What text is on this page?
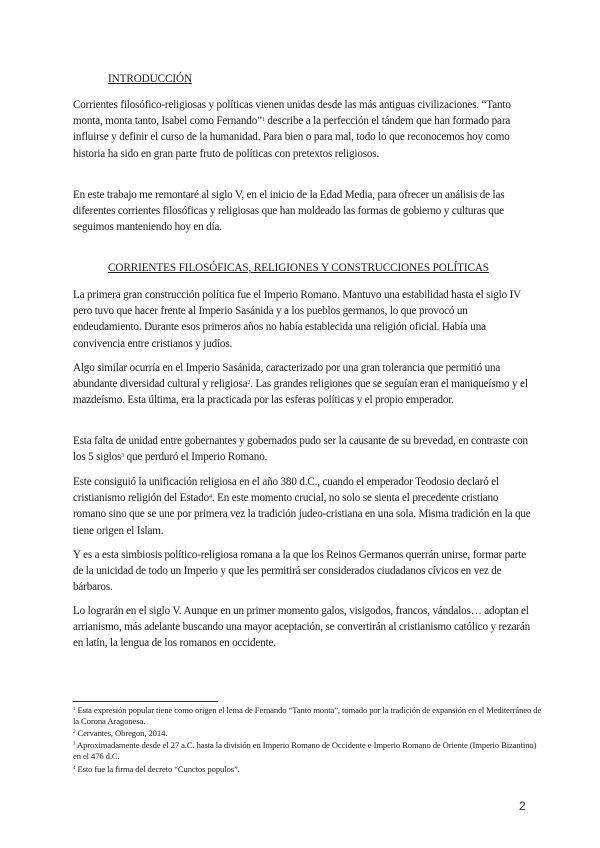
INTRODUCCIÓN

Corrientes filosófico-religiosas y políticas vienen unidas desde las más antiguas civilizaciones. “Tanto monta, monta tanto, Isabel como Fernando”$^1$ describe a la perfección el tándem que han formado para influirse y definir el curso de la humanidad. Para bien o para mal, todo lo que reconocemos hoy como historia ha sido en gran parte fruto de políticas con pretextos religiosos.

En este trabajo me remontaré al siglo V, en el inicio de la Edad Media, para ofrecer un análisis de las diferentes corrientes filosóficas y religiosas que han moldeado las formas de gobierno y culturas que seguimos manteniendo hoy en día.

CORRIENTES FILOSÓFICAS, RELIGIONES Y CONSTRUCCIONES POLÍTICAS

La primera gran construcción política fue el Imperio Romano. Mantuvo una estabilidad hasta el siglo IV pero tuvo que hacer frente al Imperio Sasánida y a los pueblos germanos, lo que provocó un endeudamiento. Durante esos primeros años no había establecida una religión oficial. Había una convivencia entre cristianos y judíos.

Algo similar ocurría en el Imperio Sasánida, caracterizado por una gran tolerancia que permitió una abundante diversidad cultural y religiosa$^2$. Las grandes religiones que se seguían eran el maniqueísmo y el mazdeísmo. Esta última, era la practicada por las esferas políticas y el propio emperador.

Esta falta de unidad entre gobernantes y gobernados pudo ser la causante de su brevedad, en contraste con los 5 siglos$^3$ que perduró el Imperio Romano.

Este consiguió la unificación religiosa en el año 380 d.C., cuando el emperador Teodosio declaró el cristianismo religión del Estado$^4$. En este momento crucial, no solo se sienta el precedente cristiano romano sino que se une por primera vez la tradición judeo-cristiana en una sola. Misma tradición en la que tiene origen el Islam.

Y es a esta simbiosis político-religiosa romana a la que los Reinos Germanos querrán unirse, formar parte de la unicidad de todo un Imperio y que les permitirá ser considerados ciudadanos cívicos en vez de bárbaros.

Lo lograrán en el siglo V. Aunque en un primer momento galos, visigodos, francos, vándalos… adoptan el arrianismo, más adelante buscando una mayor aceptación, se convertirán al cristianismo católico y rezarán en latín, la lengua de los romanos en occidente.

$^1$ Esta expresión popular tiene como origen el lema de Fernando “Tanto monta”, tomado por la tradición de expansión en el Mediterráneo de la Corona Aragonesa.
$^2$ Cervantes, Obregon, 2014.
$^3$ Aproximadamente desde el 27 a.C. hasta la división en Imperio Romano de Occidente e Imperio Romano de Oriente (Imperio Bizantino) en el 476 d.C.
$^4$ Esto fue la firma del decreto “Cunctos populos”.
2
